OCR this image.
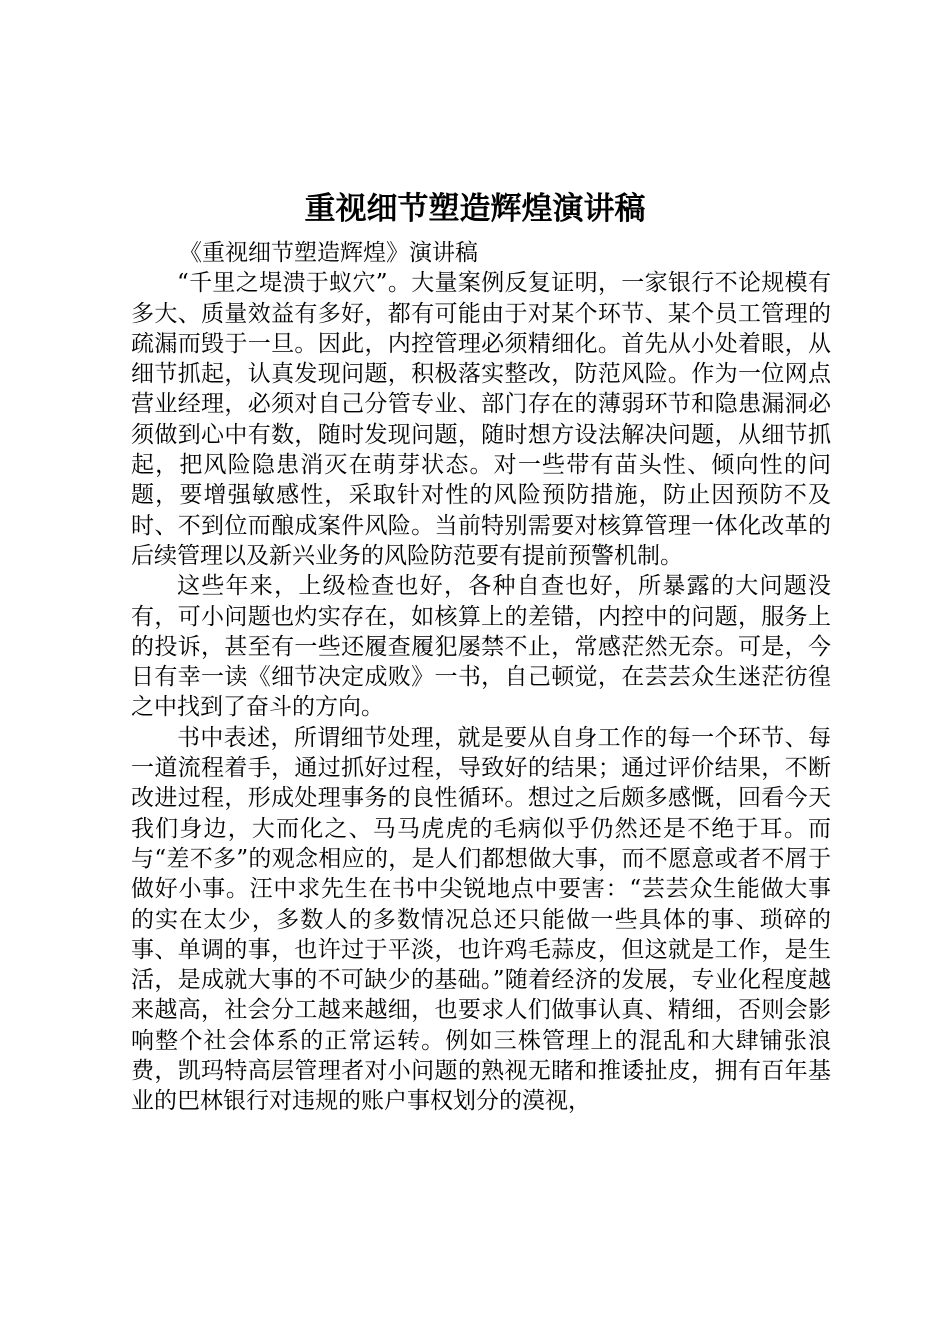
重视细节塑造辉煌演讲稿

《重视细节塑造辉煌》演讲稿

“千里之堤溃于蚁穴”。大量案例反复证明，一家银行不论规模有多大、质量效益有多好，都有可能由于对某个环节、某个员工管理的疏漏而毁于一旦。因此，内控管理必须精细化。首先从小处着眼，从细节抓起，认真发现问题，积极落实整改，防范风险。作为一位网点营业经理，必须对自己分管专业、部门存在的薄弱环节和隐患漏洞必须做到心中有数，随时发现问题，随时想方设法解决问题，从细节抓起，把风险隐患消灭在萌芽状态。对一些带有苗头性、倾向性的问题，要增强敏感性，采取针对性的风险预防措施，防止因预防不及时、不到位而酿成案件风险。当前特别需要对核算管理一体化改革的后续管理以及新兴业务的风险防范要有提前预警机制。

这些年来，上级检查也好，各种自查也好，所暴露的大问题没有，可小问题也灼实存在，如核算上的差错，内控中的问题，服务上的投诉，甚至有一些还履查履犯屡禁不止，常感茫然无奈。可是，今日有幸一读《细节决定成败》一书，自己顿觉，在芸芸众生迷茫彷徨之中找到了奋斗的方向。

书中表述，所谓细节处理，就是要从自身工作的每一个环节、每一道流程着手，通过抓好过程，导致好的结果；通过评价结果，不断改进过程，形成处理事务的良性循环。想过之后颇多感慨，回看今天我们身边，大而化之、马马虎虎的毛病似乎仍然还是不绝于耳。而与“差不多”的观念相应的，是人们都想做大事，而不愿意或者不屑于做好小事。汪中求先生在书中尖锐地点中要害：“芸芸众生能做大事的实在太少，多数人的多数情况总还只能做一些具体的事、琐碎的事、单调的事，也许过于平淡，也许鸡毛蒜皮，但这就是工作，是生活，是成就大事的不可缺少的基础。”随着经济的发展，专业化程度越来越高，社会分工越来越细，也要求人们做事认真、精细，否则会影响整个社会体系的正常运转。例如三株管理上的混乱和大肆铺张浪费，凯玛特高层管理者对小问题的熟视无睹和推诿扯皮，拥有百年基业的巴林银行对违规的账户事权划分的漠视，
